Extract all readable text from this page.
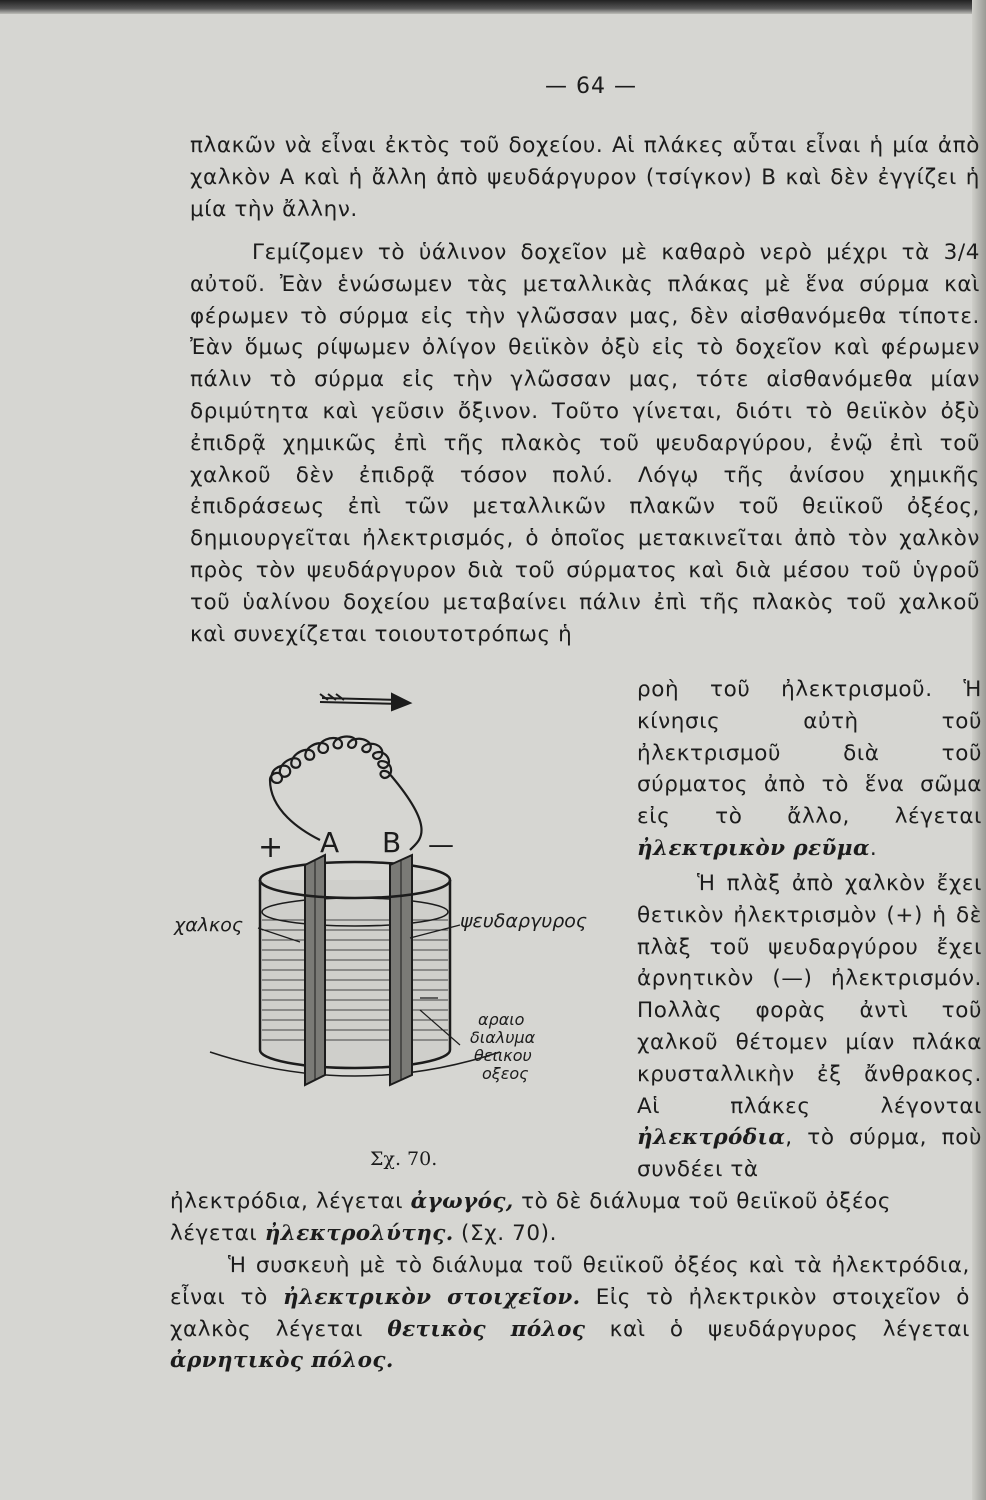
— 64 —

πλακῶν νὰ εἶναι ἐκτὸς τοῦ δοχείου. Αἱ πλάκες αὗται εἶναι ἡ μία ἀπὸ χαλκὸν Α καὶ ἡ ἄλλη ἀπὸ ψευδάργυρον (τσίγκον) Β καὶ δὲν ἐγγίζει ἡ μία τὴν ἄλλην.

Γεμίζομεν τὸ ὑάλινον δοχεῖον μὲ καθαρὸ νερὸ μέχρι τὰ 3/4 αὐτοῦ. Ἐὰν ἑνώσωμεν τὰς μεταλλικὰς πλάκας μὲ ἕνα σύρμα καὶ φέρωμεν τὸ σύρμα εἰς τὴν γλῶσσαν μας, δὲν αἰσθανόμεθα τίποτε. Ἐὰν ὅμως ρίψωμεν ὀλίγον θειϊκὸν ὀξὺ εἰς τὸ δοχεῖον καὶ φέρωμεν πάλιν τὸ σύρμα εἰς τὴν γλῶσσαν μας, τότε αἰσθανόμεθα μίαν δριμύτητα καὶ γεῦσιν ὄξινον. Τοῦτο γίνεται, διότι τὸ θειϊκὸν ὀξὺ ἐπιδρᾷ χημικῶς ἐπὶ τῆς πλακὸς τοῦ ψευδαργύρου, ἐνῷ ἐπὶ τοῦ χαλκοῦ δὲν ἐπιδρᾷ τόσον πολύ. Λόγῳ τῆς ἀνίσου χημικῆς ἐπιδράσεως ἐπὶ τῶν μεταλλικῶν πλακῶν τοῦ θειϊκοῦ ὀξέος, δημιουργεῖται ἠλεκτρισμός, ὁ ὁποῖος μετακινεῖται ἀπὸ τὸν χαλκὸν πρὸς τὸν ψευδάργυρον διὰ τοῦ σύρματος καὶ διὰ μέσου τοῦ ὑγροῦ τοῦ ὑαλίνου δοχείου μεταβαίνει πάλιν ἐπὶ τῆς πλακὸς τοῦ χαλκοῦ καὶ συνεχίζεται τοιουτοτρόπως ἡ

ροὴ τοῦ ἠλεκτρισμοῦ. Ἡ κίνησις αὐτὴ τοῦ ἠλεκτρισμοῦ διὰ τοῦ σύρματος ἀπὸ τὸ ἕνα σῶμα εἰς τὸ ἄλλο, λέγεται ἠλεκτρικὸν ρεῦμα.

Ἡ πλὰξ ἀπὸ χαλκὸν ἔχει θετικὸν ἠλεκτρισμὸν (+) ἡ δὲ πλὰξ τοῦ ψευδαργύρου ἔχει ἀρνητικὸν (—) ἠλεκτρισμόν. Πολλὰς φορὰς ἀντὶ τοῦ χαλκοῦ θέτομεν μίαν πλάκα κρυσταλλικὴν ἐξ ἄνθρακος. Αἱ πλάκες λέγονται ἠλεκτρόδια, τὸ σύρμα, ποὺ συνδέει τὰ

ἠλεκτρόδια, λέγεται ἀγωγός, τὸ δὲ διάλυμα τοῦ θειϊκοῦ ὀξέος λέγεται ἠλεκτρολύτης. (Σχ. 70).

Ἡ συσκευὴ μὲ τὸ διάλυμα τοῦ θειϊκοῦ ὀξέος καὶ τὰ ἠλεκτρόδια, εἶναι τὸ ἠλεκτρικὸν στοιχεῖον. Εἰς τὸ ἠλεκτρικὸν στοιχεῖον ὁ χαλκὸς λέγεται θετικὸς πόλος καὶ ὁ ψευδάργυρος λέγεται ἀρνητικὸς πόλος.

+ Α Β —
χαλκος	ψευδαργυρος
αραιο
διαλυμα
θειικου
οξεος
Σχ. 70.
